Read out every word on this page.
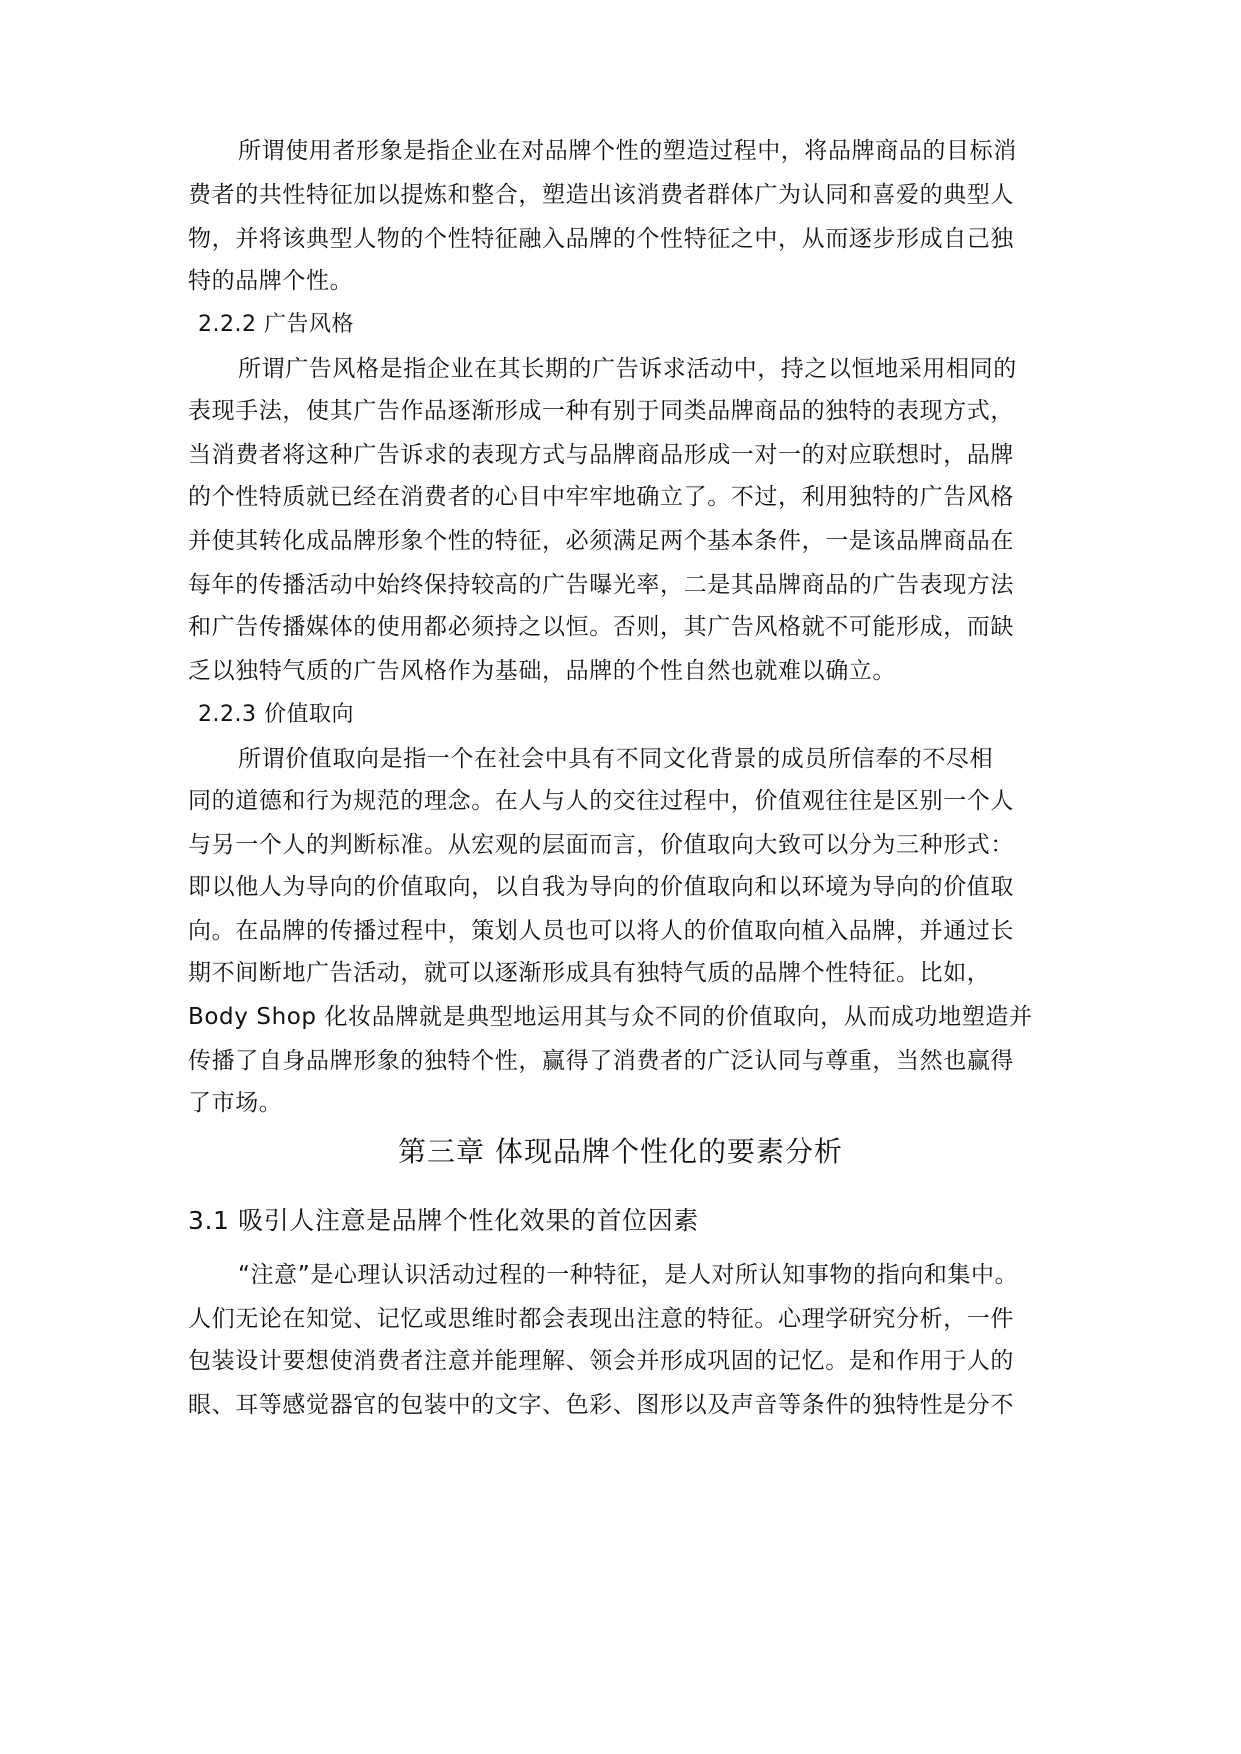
所谓使用者形象是指企业在对品牌个性的塑造过程中，将品牌商品的目标消
费者的共性特征加以提炼和整合，塑造出该消费者群体广为认同和喜爱的典型人
物，并将该典型人物的个性特征融入品牌的个性特征之中，从而逐步形成自己独
特的品牌个性。
2.2.2 广告风格
所谓广告风格是指企业在其长期的广告诉求活动中，持之以恒地采用相同的
表现手法，使其广告作品逐渐形成一种有别于同类品牌商品的独特的表现方式，
当消费者将这种广告诉求的表现方式与品牌商品形成一对一的对应联想时，品牌
的个性特质就已经在消费者的心目中牢牢地确立了。不过，利用独特的广告风格
并使其转化成品牌形象个性的特征，必须满足两个基本条件，一是该品牌商品在
每年的传播活动中始终保持较高的广告曝光率，二是其品牌商品的广告表现方法
和广告传播媒体的使用都必须持之以恒。否则，其广告风格就不可能形成，而缺
乏以独特气质的广告风格作为基础，品牌的个性自然也就难以确立。
2.2.3 价值取向
所谓价值取向是指一个在社会中具有不同文化背景的成员所信奉的不尽相
同的道德和行为规范的理念。在人与人的交往过程中，价值观往往是区别一个人
与另一个人的判断标准。从宏观的层面而言，价值取向大致可以分为三种形式：
即以他人为导向的价值取向，以自我为导向的价值取向和以环境为导向的价值取
向。在品牌的传播过程中，策划人员也可以将人的价值取向植入品牌，并通过长
期不间断地广告活动，就可以逐渐形成具有独特气质的品牌个性特征。比如，
Body Shop 化妆品牌就是典型地运用其与众不同的价值取向，从而成功地塑造并
传播了自身品牌形象的独特个性，赢得了消费者的广泛认同与尊重，当然也赢得
了市场。
第三章 体现品牌个性化的要素分析
3.1 吸引人注意是品牌个性化效果的首位因素
“注意”是心理认识活动过程的一种特征，是人对所认知事物的指向和集中。
人们无论在知觉、记忆或思维时都会表现出注意的特征。心理学研究分析，一件
包装设计要想使消费者注意并能理解、领会并形成巩固的记忆。是和作用于人的
眼、耳等感觉器官的包装中的文字、色彩、图形以及声音等条件的独特性是分不
